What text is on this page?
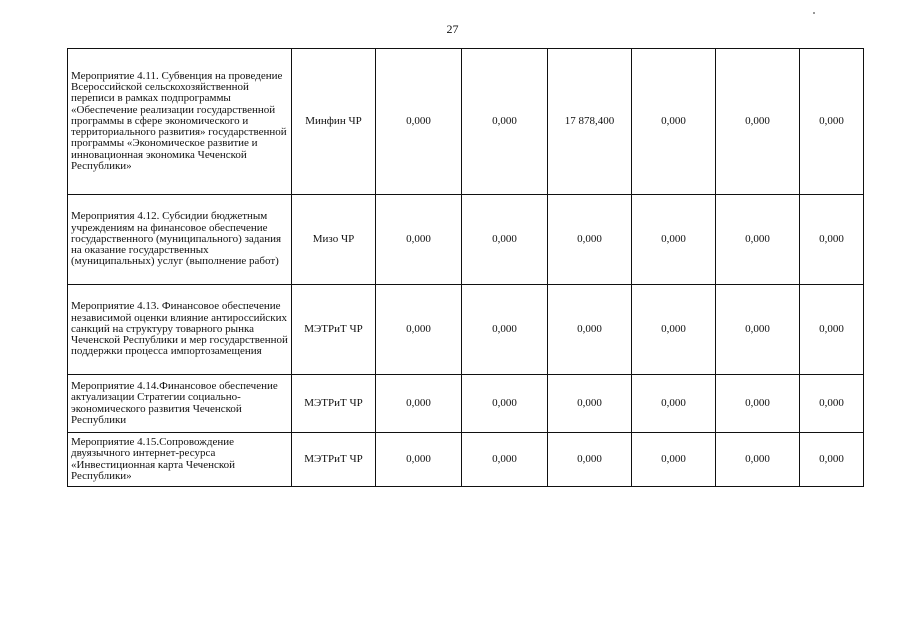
27
Мероприятие 4.11. Субвенция на проведение Всероссийской сельскохозяйственной переписи в рамках подпрограммы «Обеспечение реализации государственной программы в сфере экономического и территориального развития» государственной программы «Экономическое развитие и инновационная экономика Чеченской Республики»	Минфин ЧР	0,000	0,000	17 878,400	0,000	0,000	0,000
Мероприятия 4.12. Субсидии бюджетным учреждениям на финансовое обеспечение государственного (муниципального) задания на оказание государственных (муниципальных) услуг (выполнение работ)	Мизо ЧР	0,000	0,000	0,000	0,000	0,000	0,000
Мероприятие 4.13. Финансовое обеспечение независимой оценки влияние антироссийских санкций на структуру товарного рынка Чеченской Республики и мер государственной поддержки процесса импортозамещения	МЭТРиТ ЧР	0,000	0,000	0,000	0,000	0,000	0,000
Мероприятие 4.14.Финансовое обеспечение актуализации Стратегии социально-экономического развития Чеченской Республики	МЭТРиТ ЧР	0,000	0,000	0,000	0,000	0,000	0,000
Мероприятие 4.15.Сопровождение двуязычного интернет-ресурса «Инвестиционная карта Чеченской Республики»	МЭТРиТ ЧР	0,000	0,000	0,000	0,000	0,000	0,000
